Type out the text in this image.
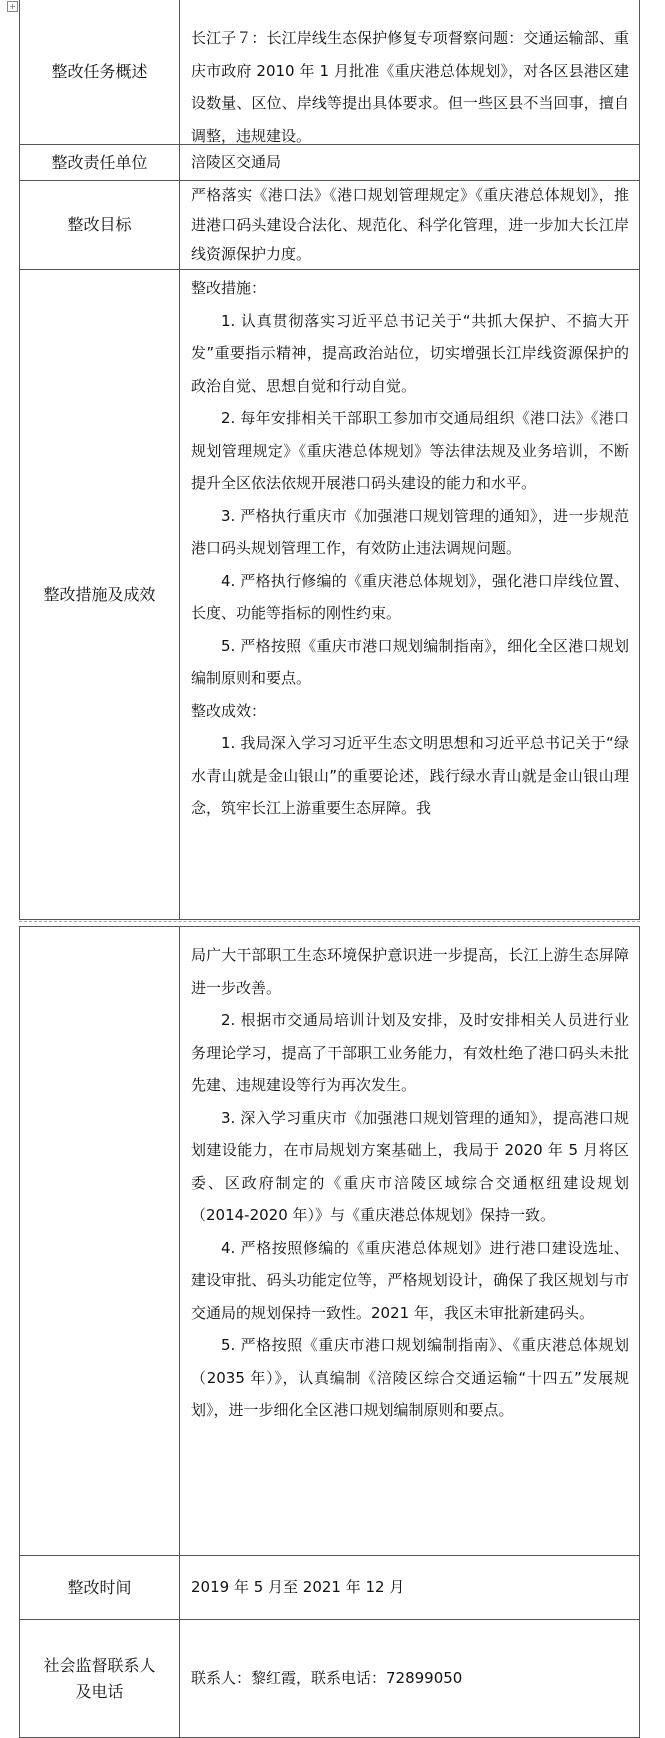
+
整改任务概述

长江子７：长江岸线生态保护修复专项督察问题：交通运输部、重庆市政府 2010 年 1 月批准《重庆港总体规划》，对各区县港区建设数量、区位、岸线等提出具体要求。但一些区县不当回事，擅自调整，违规建设。

整改责任单位	涪陵区交通局

整改目标

严格落实《港口法》《港口规划管理规定》《重庆港总体规划》，推进港口码头建设合法化、规范化、科学化管理，进一步加大长江岸线资源保护力度。

整改措施及成效

整改措施：

1. 认真贯彻落实习近平总书记关于“共抓大保护、不搞大开发”重要指示精神，提高政治站位，切实增强长江岸线资源保护的政治自觉、思想自觉和行动自觉。

2. 每年安排相关干部职工参加市交通局组织《港口法》《港口规划管理规定》《重庆港总体规划》等法律法规及业务培训，不断提升全区依法依规开展港口码头建设的能力和水平。

3. 严格执行重庆市《加强港口规划管理的通知》，进一步规范港口码头规划管理工作，有效防止违法调规问题。

4. 严格执行修编的《重庆港总体规划》，强化港口岸线位置、长度、功能等指标的刚性约束。

5. 严格按照《重庆市港口规划编制指南》，细化全区港口规划编制原则和要点。

整改成效：

1. 我局深入学习习近平生态文明思想和习近平总书记关于“绿水青山就是金山银山”的重要论述，践行绿水青山就是金山银山理念，筑牢长江上游重要生态屏障。我

局广大干部职工生态环境保护意识进一步提高，长江上游生态屏障进一步改善。

2. 根据市交通局培训计划及安排，及时安排相关人员进行业务理论学习，提高了干部职工业务能力，有效杜绝了港口码头未批先建、违规建设等行为再次发生。

3. 深入学习重庆市《加强港口规划管理的通知》，提高港口规划建设能力，在市局规划方案基础上，我局于 2020 年 5 月将区委、区政府制定的《重庆市涪陵区域综合交通枢纽建设规划（2014-2020 年）》与《重庆港总体规划》保持一致。

4. 严格按照修编的《重庆港总体规划》进行港口建设选址、建设审批、码头功能定位等，严格规划设计，确保了我区规划与市交通局的规划保持一致性。2021 年，我区未审批新建码头。

5. 严格按照《重庆市港口规划编制指南》、《重庆港总体规划（2035 年）》，认真编制《涪陵区综合交通运输“十四五”发展规划》，进一步细化全区港口规划编制原则和要点。

整改时间	2019 年 5 月至 2021 年 12 月

社会监督联系人
及电话

联系人：黎红霞，联系电话：72899050
